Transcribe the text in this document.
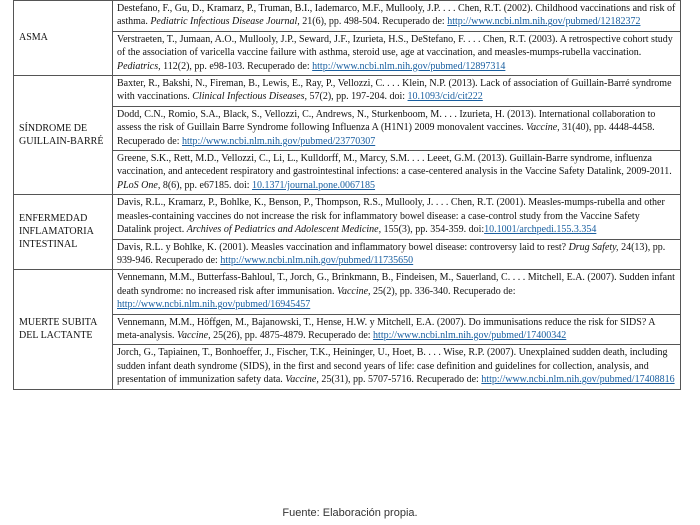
ASMA	Destefano, F., Gu, D., Kramarz, P., Truman, B.I., Iademarco, M.F., Mullooly, J.P. . . . Chen, R.T. (2002). Childhood vaccinations and risk of asthma. Pediatric Infectious Disease Journal, 21(6), pp. 498-504. Recuperado de: http://www.ncbi.nlm.nih.gov/pubmed/12182372
	Verstraeten, T., Jumaan, A.O., Mullooly, J.P., Seward, J.F., Izurieta, H.S., DeStefano, F. . . . Chen, R.T. (2003). A retrospective cohort study of the association of varicella vaccine failure with asthma, steroid use, age at vaccination, and measles-mumps-rubella vaccination. Pediatrics, 112(2), pp. e98-103. Recuperado de: http://www.ncbi.nlm.nih.gov/pubmed/12897314
SÍNDROME DE GUILLAIN-BARRÉ	Baxter, R., Bakshi, N., Fireman, B., Lewis, E., Ray, P., Vellozzi, C. . . . Klein, N.P. (2013). Lack of association of Guillain-Barré syndrome with vaccinations. Clinical Infectious Diseases, 57(2), pp. 197-204. doi: 10.1093/cid/cit222
	Dodd, C.N., Romio, S.A., Black, S., Vellozzi, C., Andrews, N., Sturkenboom, M. . . . Izurieta, H. (2013). International collaboration to assess the risk of Guillain Barre Syndrome following Influenza A (H1N1) 2009 monovalent vaccines. Vaccine, 31(40), pp. 4448-4458. Recuperado de: http://www.ncbi.nlm.nih.gov/pubmed/23770307
	Greene, S.K., Rett, M.D., Vellozzi, C., Li, L., Kulldorff, M., Marcy, S.M. . . . Leeet, G.M. (2013). Guillain-Barre syndrome, influenza vaccination, and antecedent respiratory and gastrointestinal infections: a case-centered analysis in the Vaccine Safety Datalink, 2009-2011. PLoS One, 8(6), pp. e67185. doi: 10.1371/journal.pone.0067185
ENFERMEDAD INFLAMATORIA INTESTINAL	Davis, R.L., Kramarz, P., Bohlke, K., Benson, P., Thompson, R.S., Mullooly, J. . . . Chen, R.T. (2001). Measles-mumps-rubella and other measles-containing vaccines do not increase the risk for inflammatory bowel disease: a case-control study from the Vaccine Safety Datalink project. Archives of Pediatrics and Adolescent Medicine, 155(3), pp. 354-359. doi:10.1001/archpedi.155.3.354
	Davis, R.L. y Bohlke, K. (2001). Measles vaccination and inflammatory bowel disease: controversy laid to rest? Drug Safety, 24(13), pp. 939-946. Recuperado de: http://www.ncbi.nlm.nih.gov/pubmed/11735650
MUERTE SUBITA DEL LACTANTE	Vennemann, M.M., Butterfass-Bahloul, T., Jorch, G., Brinkmann, B., Findeisen, M., Sauerland, C. . . . Mitchell, E.A. (2007). Sudden infant death syndrome: no increased risk after immunisation. Vaccine, 25(2), pp. 336-340. Recuperado de: http://www.ncbi.nlm.nih.gov/pubmed/16945457
	Vennemann, M.M., Höffgen, M., Bajanowski, T., Hense, H.W. y Mitchell, E.A. (2007). Do immunisations reduce the risk for SIDS? A meta-analysis. Vaccine, 25(26), pp. 4875-4879. Recuperado de: http://www.ncbi.nlm.nih.gov/pubmed/17400342
	Jorch, G., Tapiainen, T., Bonhoeffer, J., Fischer, T.K., Heininger, U., Hoet, B. . . . Wise, R.P. (2007). Unexplained sudden death, including sudden infant death syndrome (SIDS), in the first and second years of life: case definition and guidelines for collection, analysis, and presentation of immunization safety data. Vaccine, 25(31), pp. 5707-5716. Recuperado de: http://www.ncbi.nlm.nih.gov/pubmed/17408816
Fuente: Elaboración propia.
